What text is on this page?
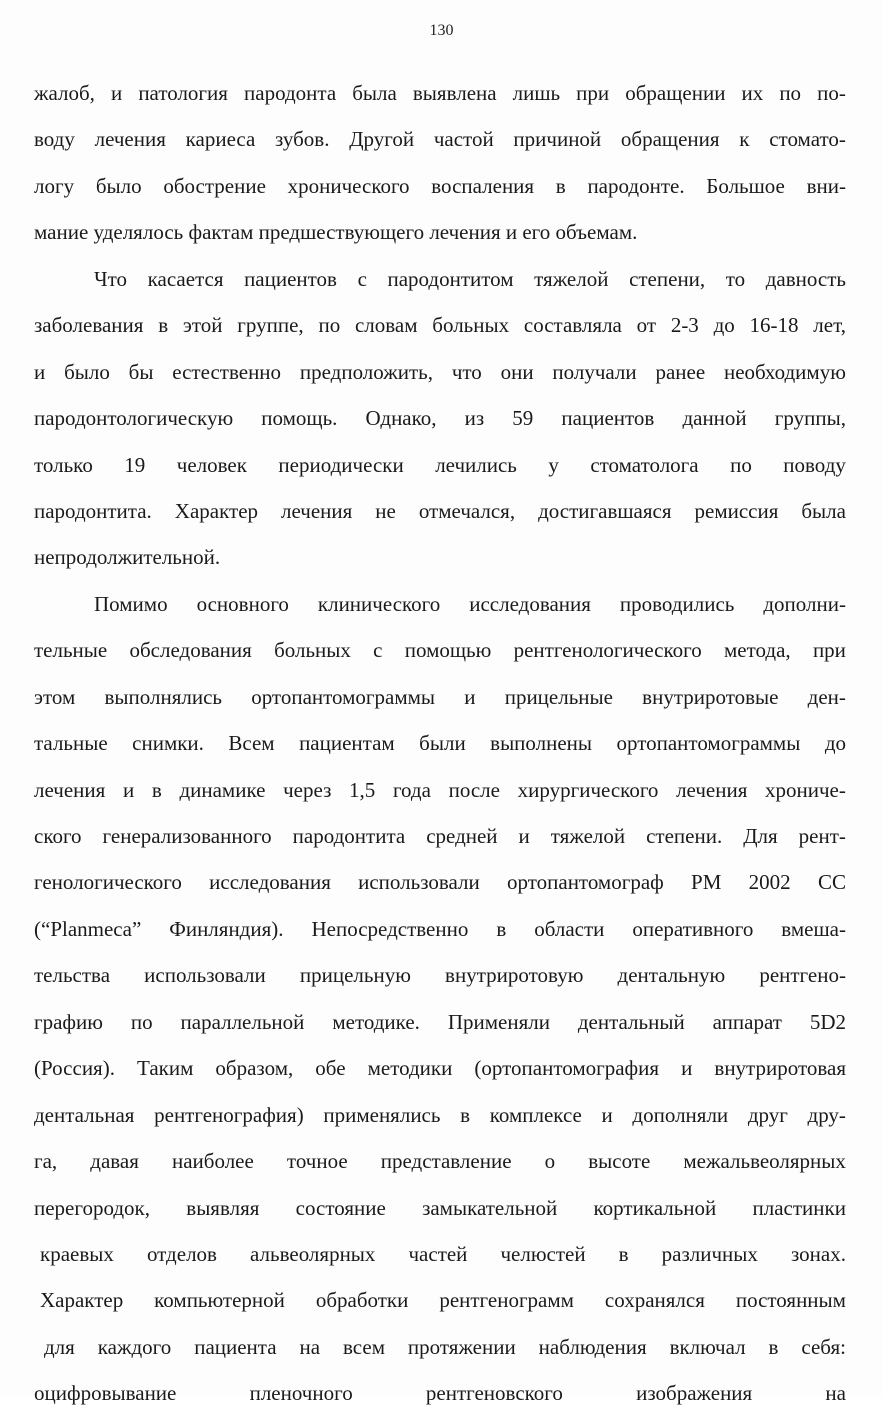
130
жалоб, и патология пародонта была выявлена лишь при обращении их по по-
воду лечения кариеса зубов. Другой частой причиной обращения к стомато-
логу было обострение хронического воспаления в пародонте. Большое вни-
мание уделялось фактам предшествующего лечения и его объемам.
Что касается пациентов с пародонтитом тяжелой степени, то давность
заболевания в этой группе, по словам больных составляла от 2-3 до 16-18 лет,
и было бы естественно предположить, что они получали ранее необходимую
пародонтологическую помощь. Однако, из 59 пациентов данной группы,
только 19 человек периодически лечились у стоматолога по поводу
пародонтита. Характер лечения не отмечался, достигавшаяся ремиссия была
непродолжительной.
Помимо основного клинического исследования проводились дополни-
тельные обследования больных с помощью рентгенологического метода, при
этом выполнялись ортопантомограммы и прицельные внутриротовые ден-
тальные снимки. Всем пациентам были выполнены ортопантомограммы до
лечения и в динамике через 1,5 года после хирургического лечения хрониче-
ского генерализованного пародонтита средней и тяжелой степени. Для рент-
генологического исследования использовали ортопантомограф PM 2002 CC
(“Planmeca” Финляндия). Непосредственно в области оперативного вмеша-
тельства использовали прицельную внутриротовую дентальную рентгено-
графию по параллельной методике. Применяли дентальный аппарат 5D2
(Россия). Таким образом, обе методики (ортопантомография и внутриротовая
дентальная рентгенография) применялись в комплексе и дополняли друг дру-
га, давая наиболее точное представление о высоте межальвеолярных
перегородок, выявляя состояние замыкательной кортикальной пластинки
краевых отделов альвеолярных частей челюстей в различных зонах.
Характер компьютерной обработки рентгенограмм сохранялся постоянным
для каждого пациента на всем протяжении наблюдения включал в себя:
оцифровывание	пленочного	рентгеновского	изображения	на
